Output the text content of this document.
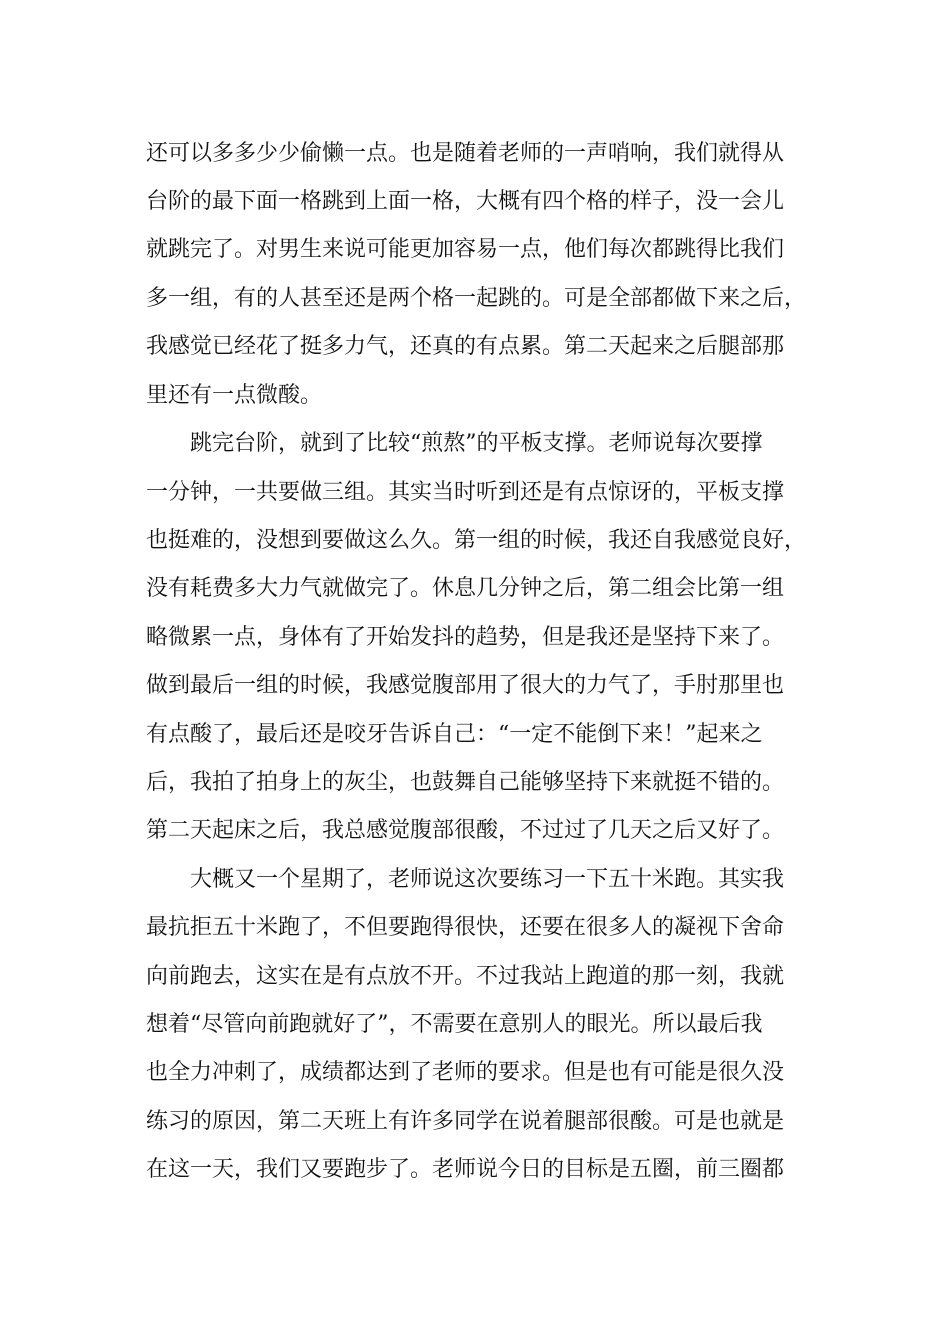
还可以多多少少偷懒一点。也是随着老师的一声哨响，我们就得从
台阶的最下面一格跳到上面一格，大概有四个格的样子，没一会儿
就跳完了。对男生来说可能更加容易一点，他们每次都跳得比我们
多一组，有的人甚至还是两个格一起跳的。可是全部都做下来之后，
我感觉已经花了挺多力气，还真的有点累。第二天起来之后腿部那
里还有一点微酸。
跳完台阶，就到了比较“煎熬”的平板支撑。老师说每次要撑
一分钟，一共要做三组。其实当时听到还是有点惊讶的，平板支撑
也挺难的，没想到要做这么久。第一组的时候，我还自我感觉良好，
没有耗费多大力气就做完了。休息几分钟之后，第二组会比第一组
略微累一点，身体有了开始发抖的趋势，但是我还是坚持下来了。
做到最后一组的时候，我感觉腹部用了很大的力气了，手肘那里也
有点酸了，最后还是咬牙告诉自己：“一定不能倒下来！”起来之
后，我拍了拍身上的灰尘，也鼓舞自己能够坚持下来就挺不错的。
第二天起床之后，我总感觉腹部很酸，不过过了几天之后又好了。
大概又一个星期了，老师说这次要练习一下五十米跑。其实我
最抗拒五十米跑了，不但要跑得很快，还要在很多人的凝视下舍命
向前跑去，这实在是有点放不开。不过我站上跑道的那一刻，我就
想着“尽管向前跑就好了”，不需要在意别人的眼光。所以最后我
也全力冲刺了，成绩都达到了老师的要求。但是也有可能是很久没
练习的原因，第二天班上有许多同学在说着腿部很酸。可是也就是
在这一天，我们又要跑步了。老师说今日的目标是五圈，前三圈都
